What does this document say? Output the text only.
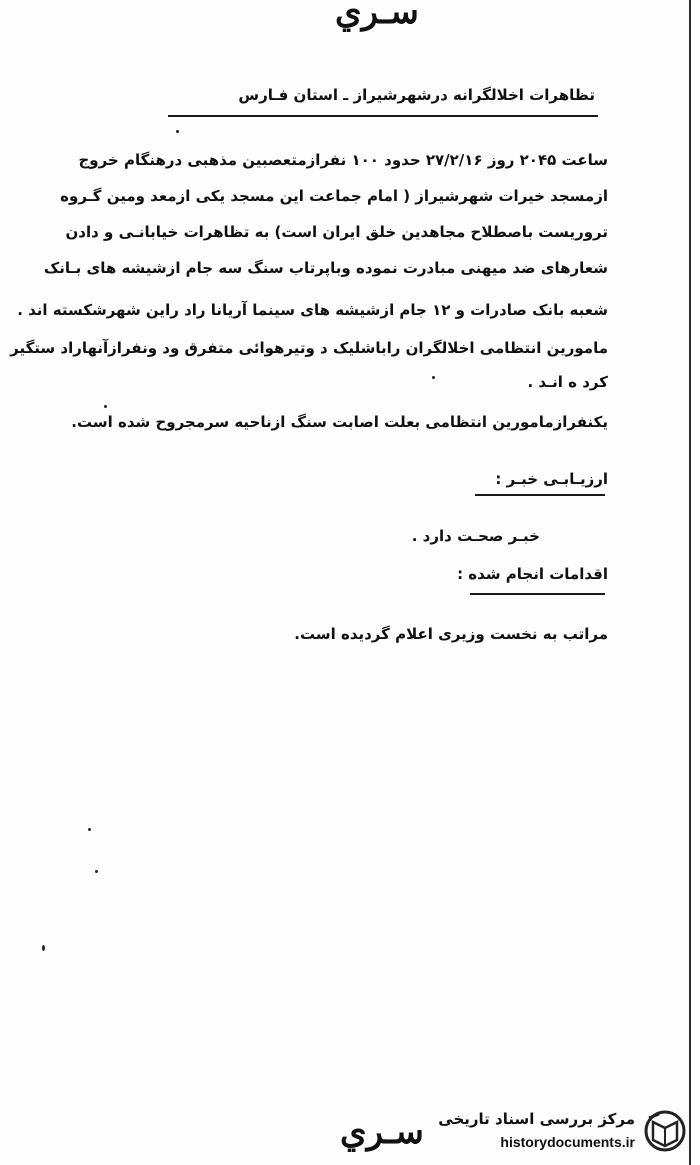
سـري
تظاهرات اخلالگرانه درشهرشیراز ـ استان فـارس
ساعت ۲۰۴۵ روز ۲۷/۲/۱۶ حدود ۱۰۰ نفرازمتعصبین مذهبی درهنگام خروج
ازمسجد خیرات شهرشیراز ( امام جماعت این مسجد یکی ازمعد ومین گـروه
تروریست باصطلاح مجاهدین خلق ایران است) به تظاهرات خیابانـی و دادن
شعارهای ضد میهنی مبادرت نموده وباپرتاب سنگ سه جام ازشیشه های بـانک
شعبه بانک صادرات و ۱۲ جام ازشیشه های سینما آریانا راد راین شهرشکسته اند .
مامورین انتظامی اخلالگران راباشلیک د وتیرهوائی متفرق ود ونفرازآنهاراد ستگیر
کرد ه انـد .
یکنفرازمامورین انتظامی بعلت اصابت سنگ ازناحیه سرمجروح شده است.
ارزیـابـی خبـر :
خبـر صحـت دارد .
اقدامات انجام شده :
مراتب به نخست وزیری اعلام گردیده است.
سـري مرکز بررسی اسناد تاریخی
historydocuments.ir
